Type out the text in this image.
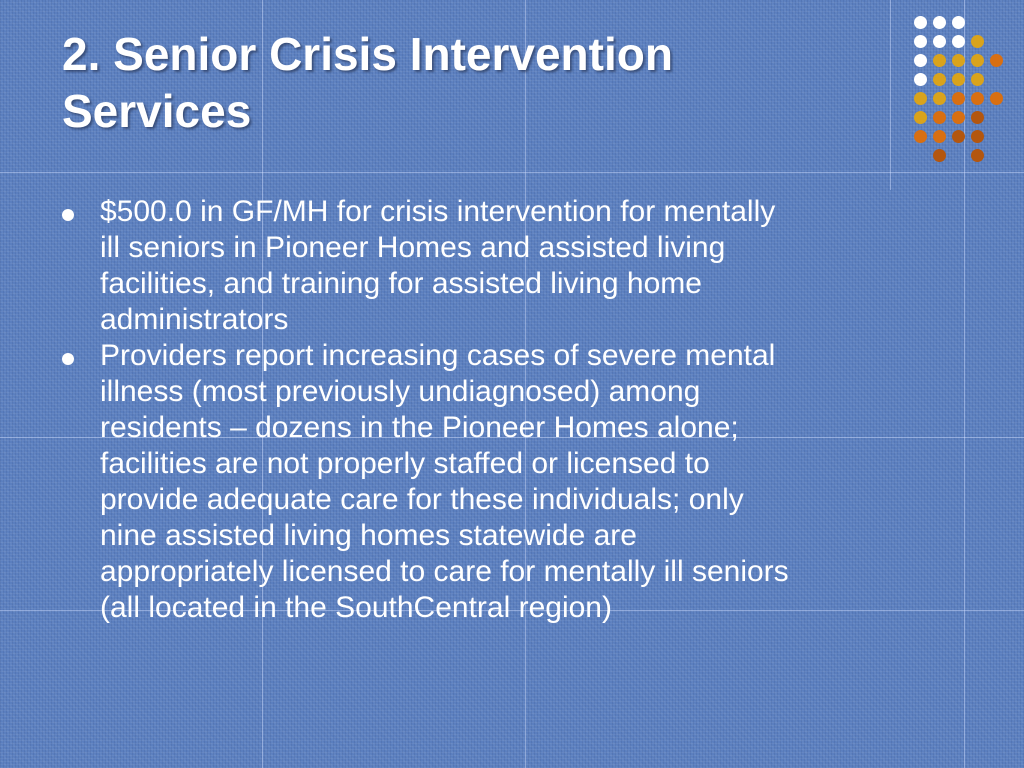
2. Senior Crisis Intervention
Services
$500.0 in GF/MH for crisis intervention for mentally
ill seniors in Pioneer Homes and assisted living
facilities, and training for assisted living home
administrators
Providers report increasing cases of severe mental
illness (most previously undiagnosed) among
residents – dozens in the Pioneer Homes alone;
facilities are not properly staffed or licensed to
provide adequate care for these individuals; only
nine assisted living homes statewide are
appropriately licensed to care for mentally ill seniors
(all located in the SouthCentral region)
